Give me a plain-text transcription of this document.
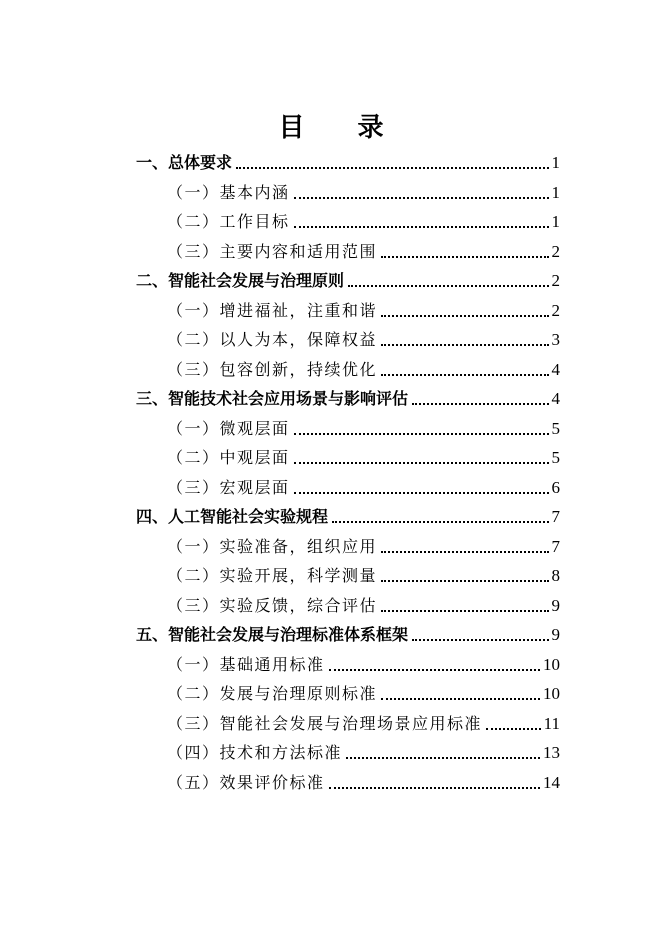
目 录
一、总体要求	1
（一）基本内涵	1
（二）工作目标	1
（三）主要内容和适用范围	2
二、智能社会发展与治理原则	2
（一）增进福祉，注重和谐	2
（二）以人为本，保障权益	3
（三）包容创新，持续优化	4
三、智能技术社会应用场景与影响评估	4
（一）微观层面	5
（二）中观层面	5
（三）宏观层面	6
四、人工智能社会实验规程	7
（一）实验准备，组织应用	7
（二）实验开展，科学测量	8
（三）实验反馈，综合评估	9
五、智能社会发展与治理标准体系框架	9
（一）基础通用标准	10
（二）发展与治理原则标准	10
（三）智能社会发展与治理场景应用标准	11
（四）技术和方法标准	13
（五）效果评价标准	14
